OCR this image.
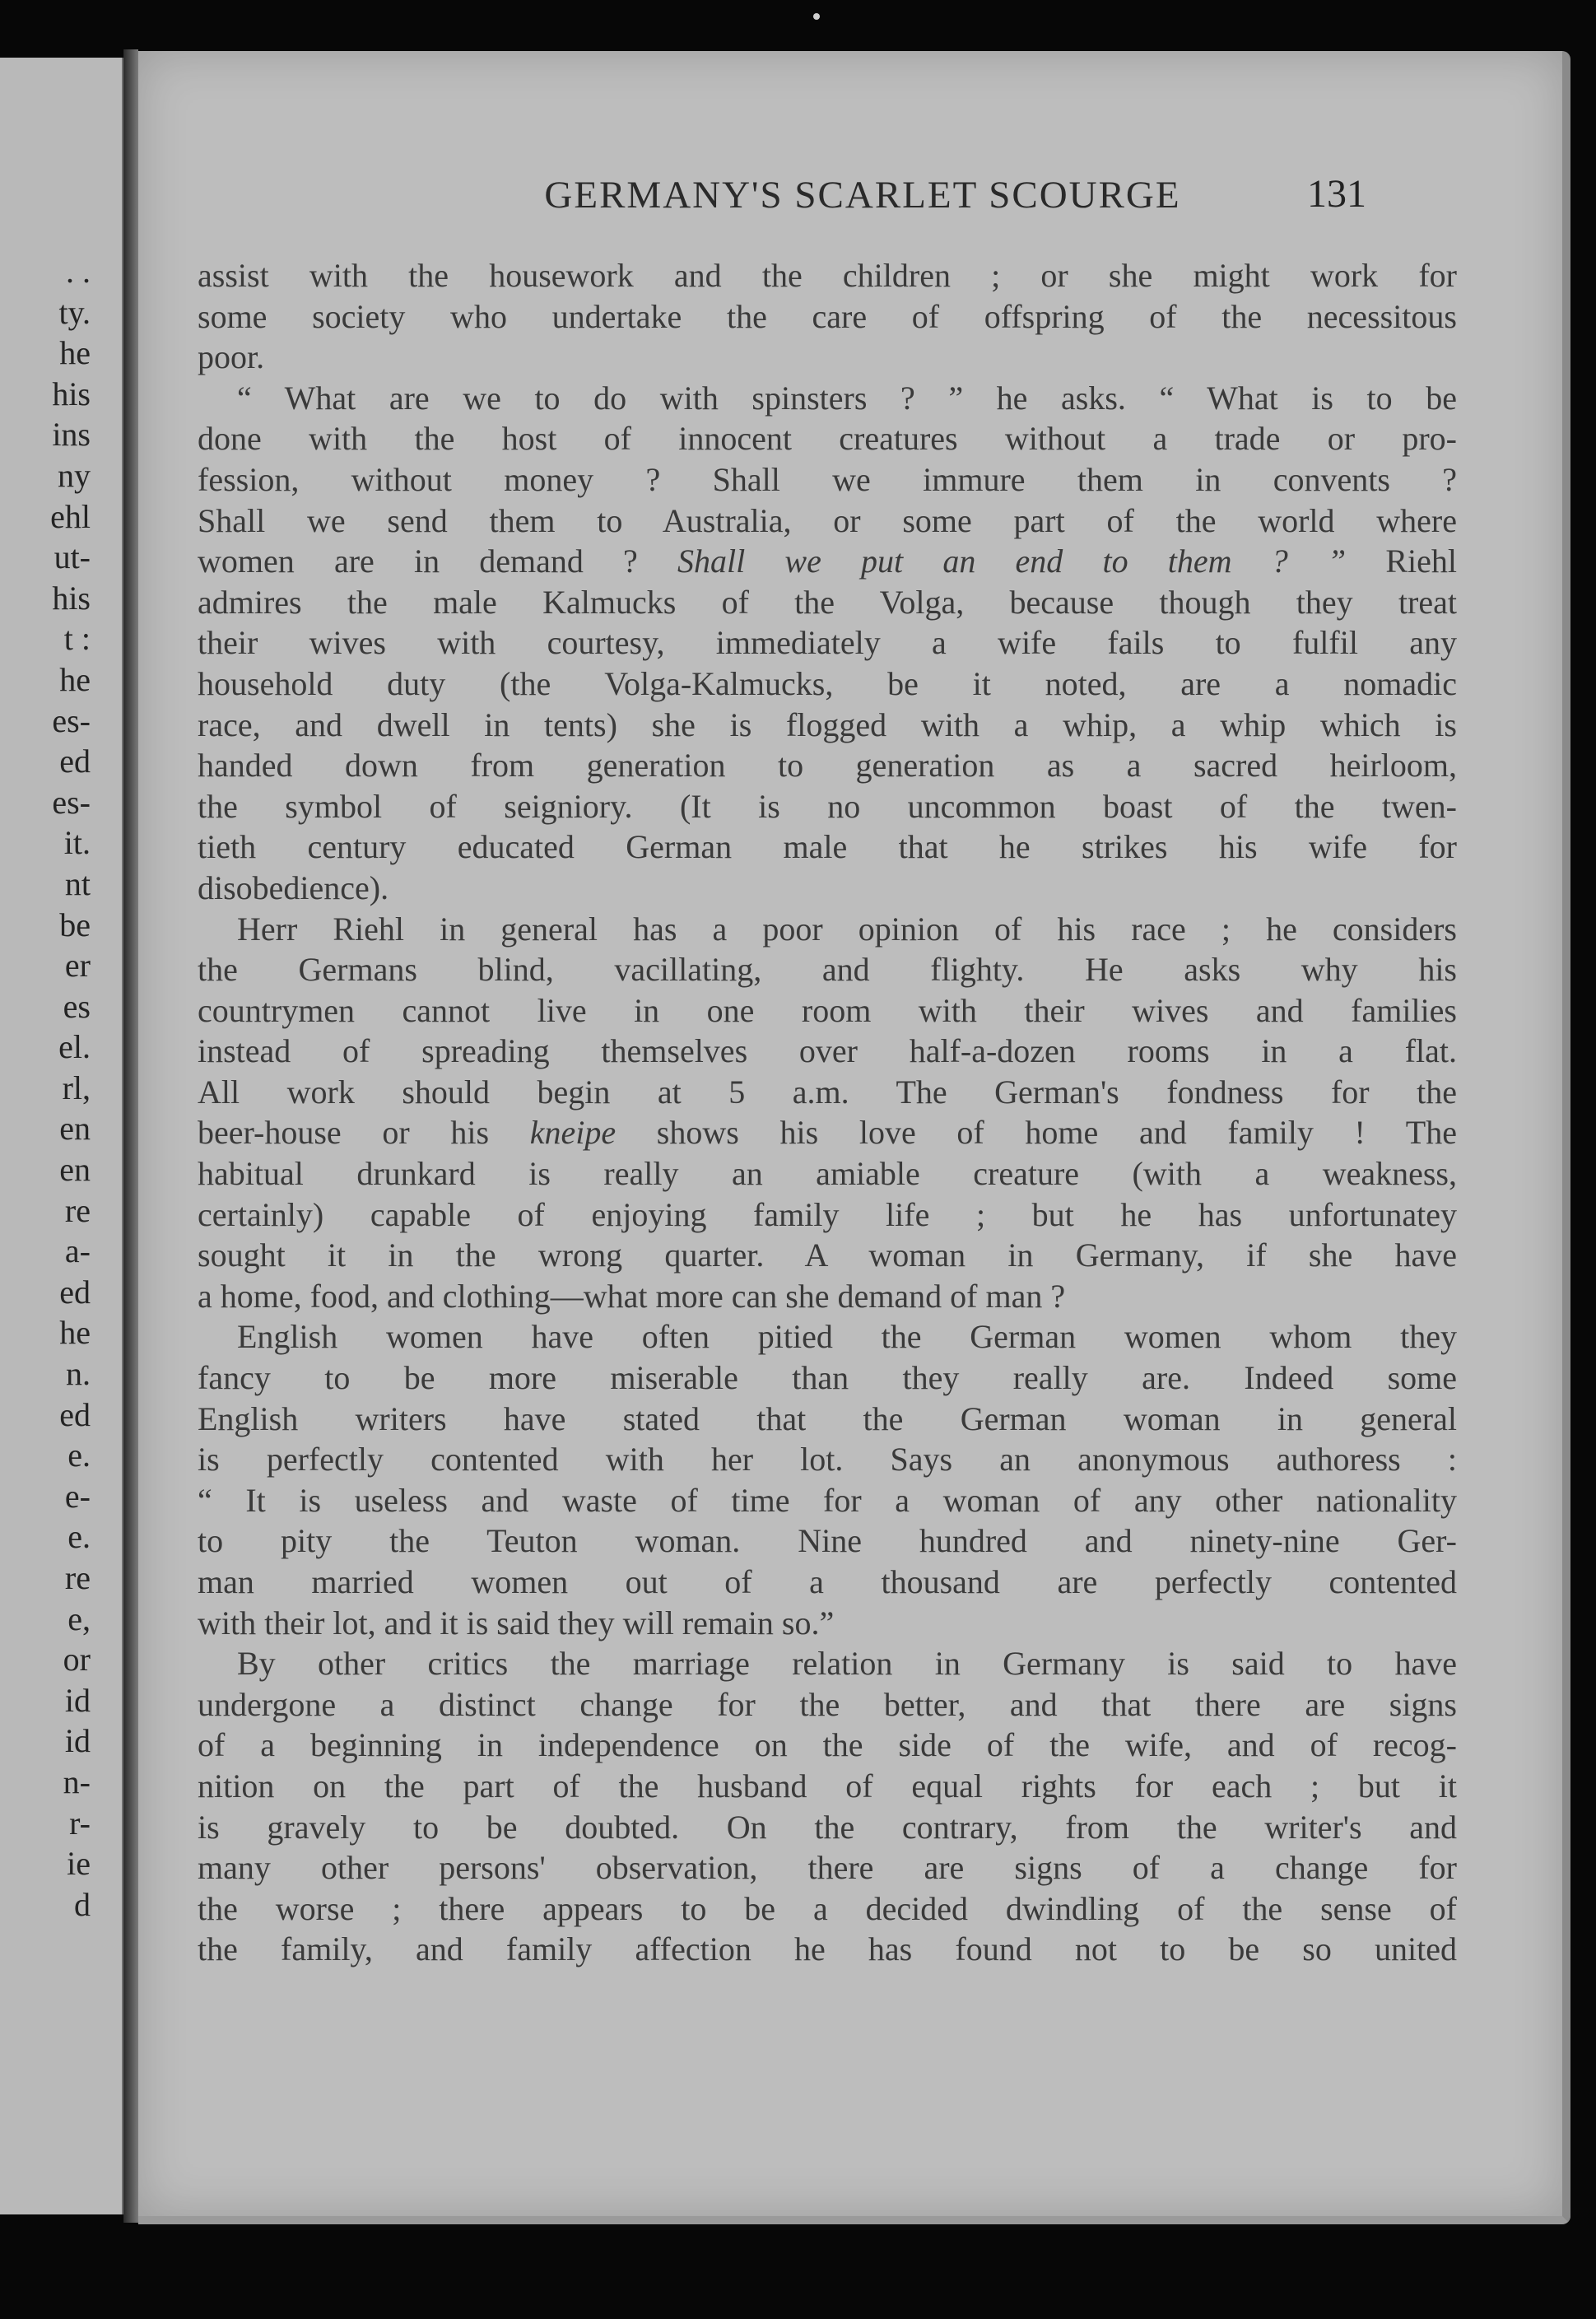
. .
ty.
he
his
ins
ny
ehl
ut-
his
t :
he
es-
ed
es-
it.
nt
be
er
es
el.
rl,
en
en
re
a-
ed
he
n.
ed
e.
e-
e.
re
e,
or
id
id
n-
r-
ie
d
GERMANY'S SCARLET SCOURGE	131
assist with the housework and the children ; or she might work for
some society who undertake the care of offspring of the necessitous
poor.
“ What are we to do with spinsters ? ” he asks. “ What is to be
done with the host of innocent creatures without a trade or pro-
fession, without money ? Shall we immure them in convents ?
Shall we send them to Australia, or some part of the world where
women are in demand ? Shall we put an end to them ? ” Riehl
admires the male Kalmucks of the Volga, because though they treat
their wives with courtesy, immediately a wife fails to fulfil any
household duty (the Volga-Kalmucks, be it noted, are a nomadic
race, and dwell in tents) she is flogged with a whip, a whip which is
handed down from generation to generation as a sacred heirloom,
the symbol of seigniory. (It is no uncommon boast of the twen-
tieth century educated German male that he strikes his wife for
disobedience).
Herr Riehl in general has a poor opinion of his race ; he considers
the Germans blind, vacillating, and flighty. He asks why his
countrymen cannot live in one room with their wives and families
instead of spreading themselves over half-a-dozen rooms in a flat.
All work should begin at 5 a.m. The German's fondness for the
beer-house or his kneipe shows his love of home and family ! The
habitual drunkard is really an amiable creature (with a weakness,
certainly) capable of enjoying family life ; but he has unfortunatey
sought it in the wrong quarter. A woman in Germany, if she have
a home, food, and clothing—what more can she demand of man ?
English women have often pitied the German women whom they
fancy to be more miserable than they really are. Indeed some
English writers have stated that the German woman in general
is perfectly contented with her lot. Says an anonymous authoress :
“ It is useless and waste of time for a woman of any other nationality
to pity the Teuton woman. Nine hundred and ninety-nine Ger-
man married women out of a thousand are perfectly contented
with their lot, and it is said they will remain so.”
By other critics the marriage relation in Germany is said to have
undergone a distinct change for the better, and that there are signs
of a beginning in independence on the side of the wife, and of recog-
nition on the part of the husband of equal rights for each ; but it
is gravely to be doubted. On the contrary, from the writer's and
many other persons' observation, there are signs of a change for
the worse ; there appears to be a decided dwindling of the sense of
the family, and family affection he has found not to be so united
